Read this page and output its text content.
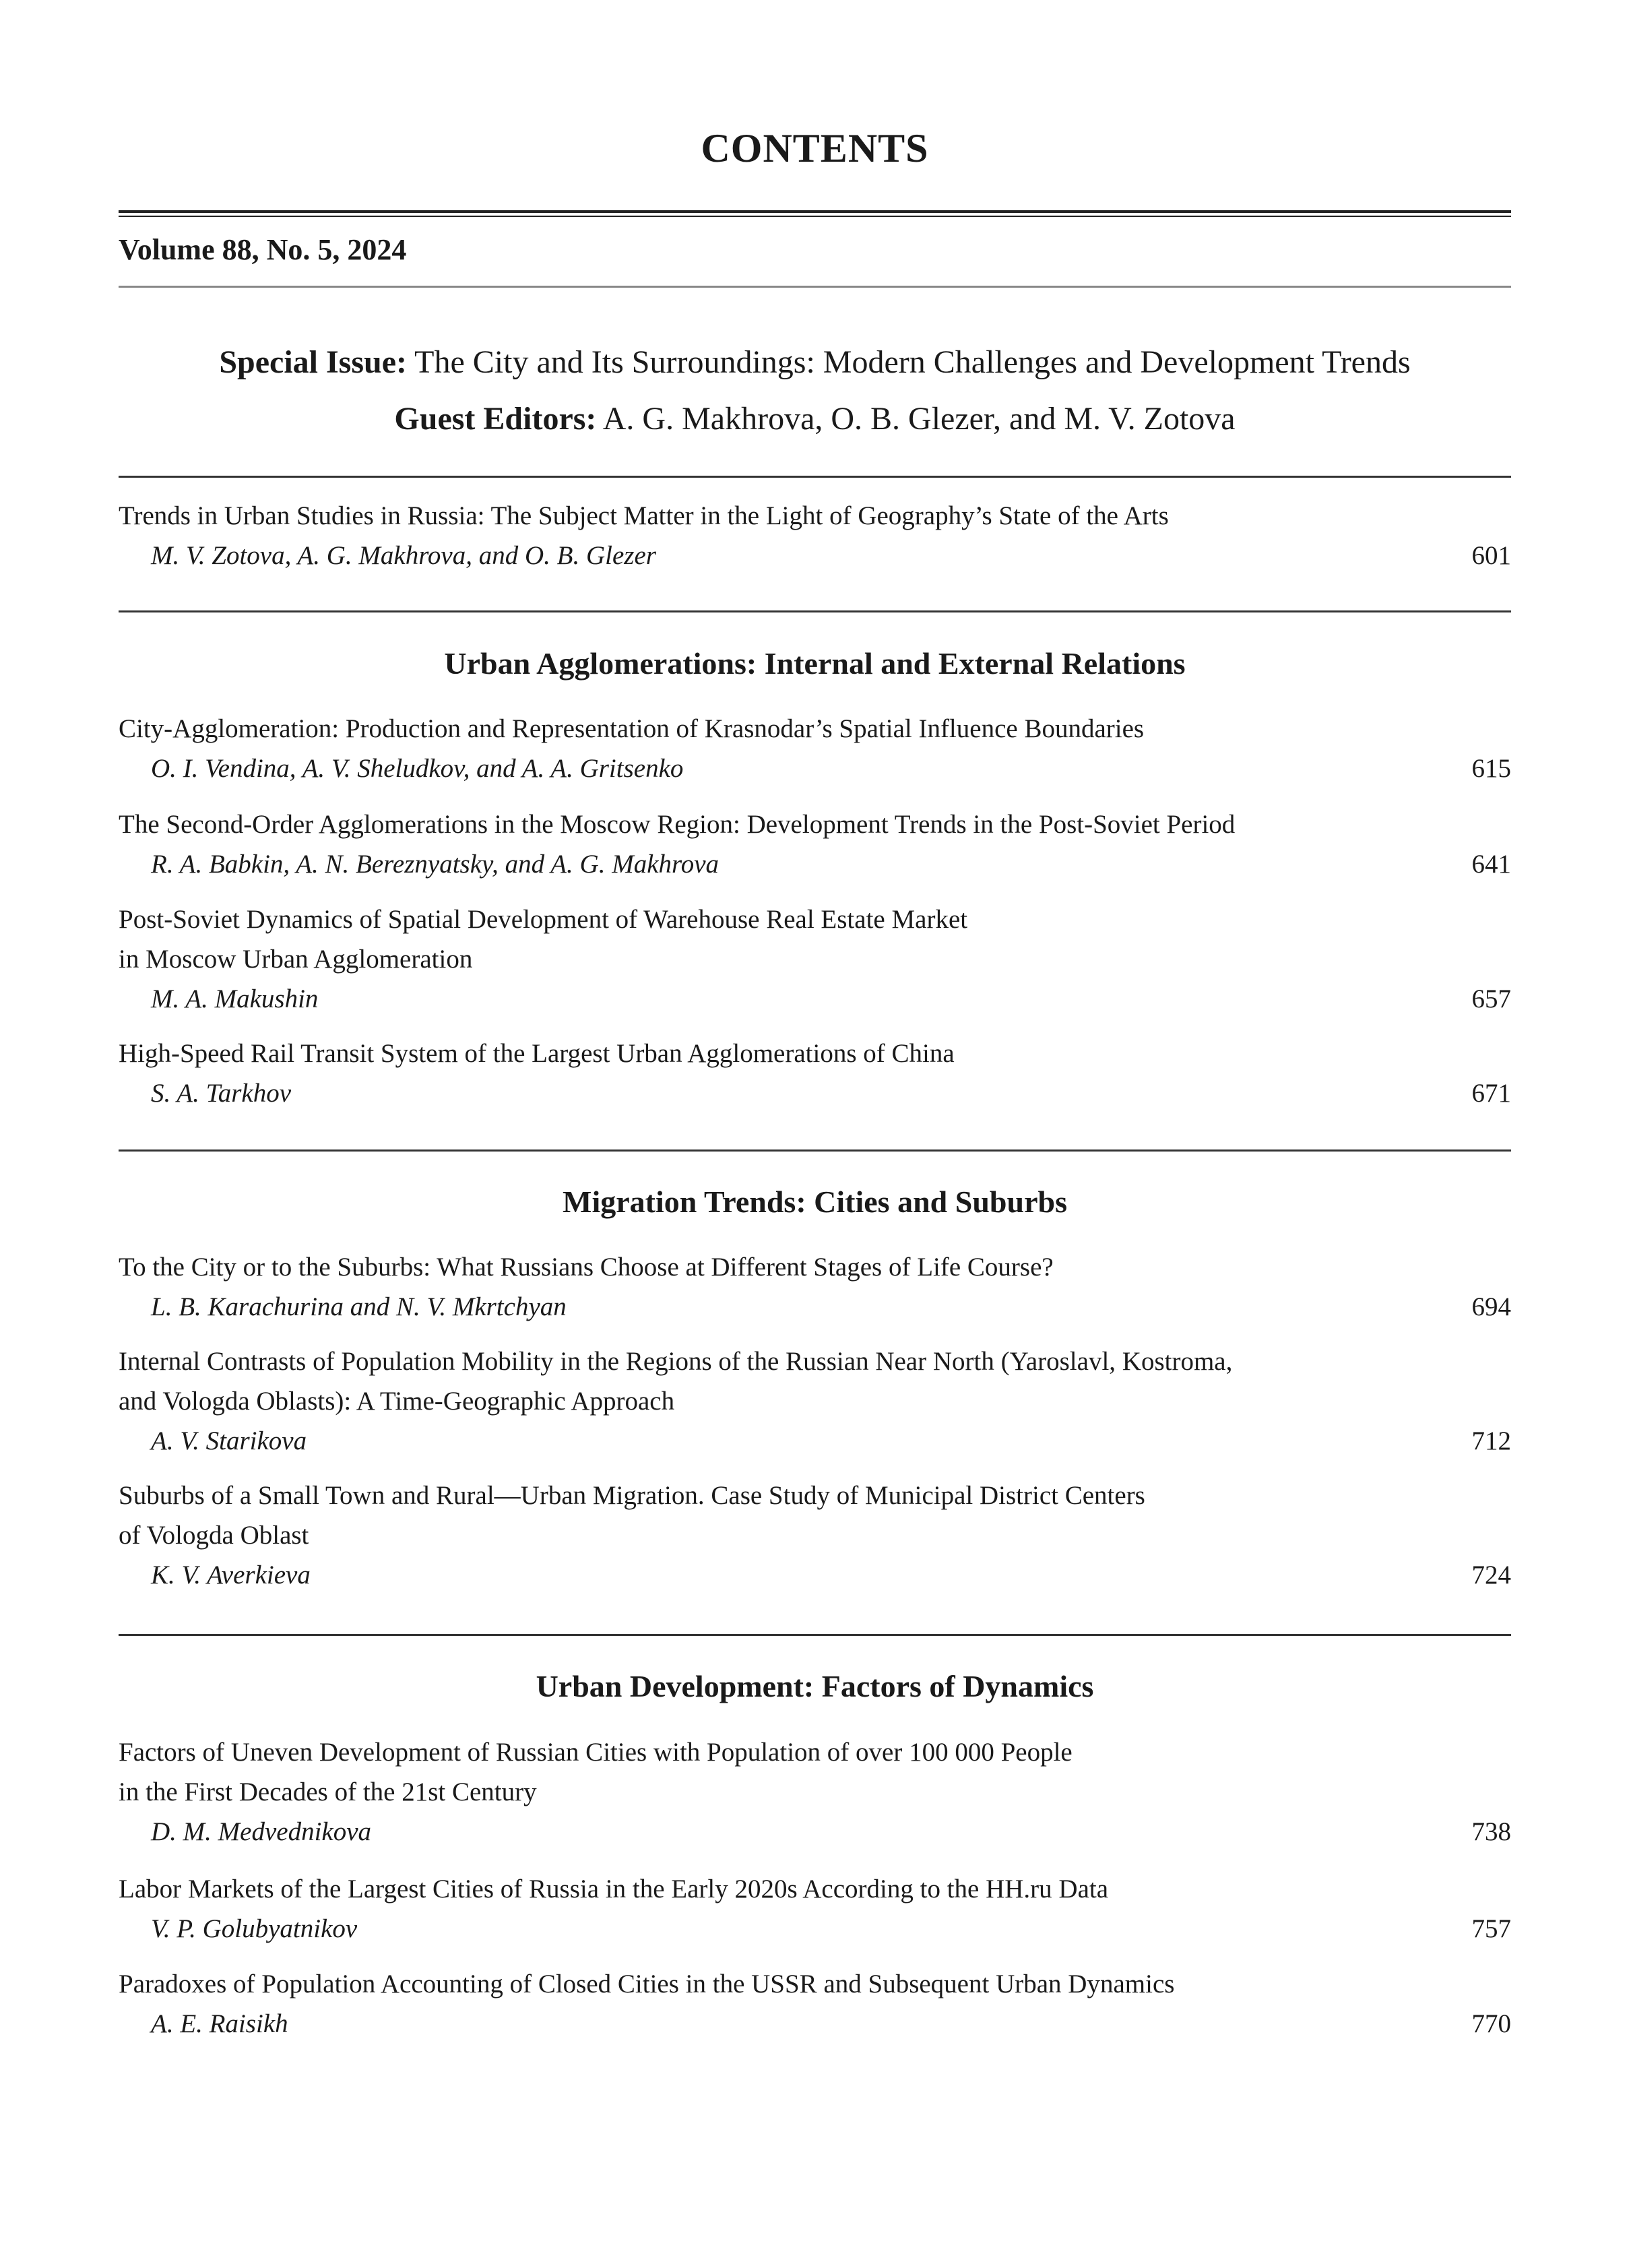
CONTENTS
Volume 88, No. 5, 2024
Special Issue: The City and Its Surroundings: Modern Challenges and Development Trends
Guest Editors: A. G. Makhrova, O. B. Glezer, and M. V. Zotova
Trends in Urban Studies in Russia: The Subject Matter in the Light of Geography’s State of the Arts
M. V. Zotova, A. G. Makhrova, and O. B. Glezer	601
Urban Agglomerations: Internal and External Relations
City-Agglomeration: Production and Representation of Krasnodar’s Spatial Influence Boundaries
O. I. Vendina, A. V. Sheludkov, and A. A. Gritsenko	615
The Second-Order Agglomerations in the Moscow Region: Development Trends in the Post-Soviet Period
R. A. Babkin, A. N. Bereznyatsky, and A. G. Makhrova	641
Post-Soviet Dynamics of Spatial Development of Warehouse Real Estate Market
in Moscow Urban Agglomeration
M. A. Makushin	657
High-Speed Rail Transit System of the Largest Urban Agglomerations of China
S. A. Tarkhov	671
Migration Trends: Cities and Suburbs
To the City or to the Suburbs: What Russians Choose at Different Stages of Life Course?
L. B. Karachurina and N. V. Mkrtchyan	694
Internal Contrasts of Population Mobility in the Regions of the Russian Near North (Yaroslavl, Kostroma,
and Vologda Oblasts): A Time-Geographic Approach
A. V. Starikova	712
Suburbs of a Small Town and Rural—Urban Migration. Case Study of Municipal District Centers
of Vologda Oblast
K. V. Averkieva	724
Urban Development: Factors of Dynamics
Factors of Uneven Development of Russian Cities with Population of over 100 000 People
in the First Decades of the 21st Century
D. M. Medvednikova	738
Labor Markets of the Largest Cities of Russia in the Early 2020s According to the HH.ru Data
V. P. Golubyatnikov	757
Paradoxes of Population Accounting of Closed Cities in the USSR and Subsequent Urban Dynamics
A. E. Raisikh	770
